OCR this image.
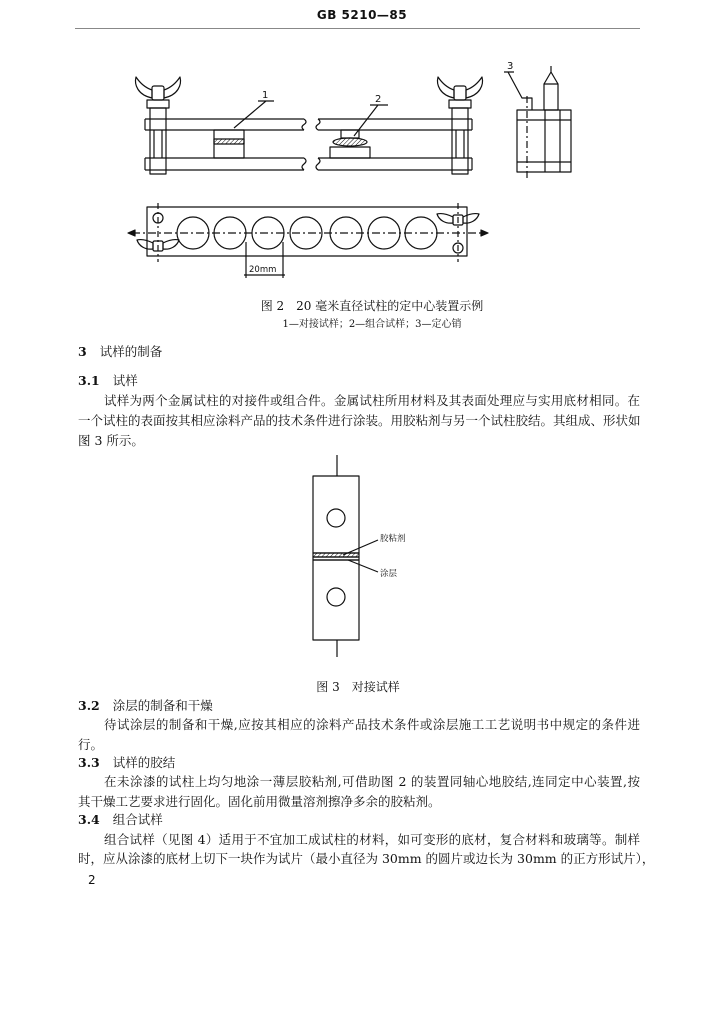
GB 5210—85
1	2
3
20mm
图 2　20 毫米直径试柱的定中心装置示例
1—对接试样；2—组合试样；3—定心销
3 试样的制备
3.1 试样
试样为两个金属试柱的对接件或组合件。金属试柱所用材料及其表面处理应与实用底材相同。在
一个试柱的表面按其相应涂料产品的技术条件进行涂装。用胶粘剂与另一个试柱胶结。其组成、形状如
图 3 所示。
胶粘剂
涂层
图 3　对接试样
3.2 涂层的制备和干燥
待试涂层的制备和干燥,应按其相应的涂料产品技术条件或涂层施工工艺说明书中规定的条件进
行。
3.3 试样的胶结
在未涂漆的试柱上均匀地涂一薄层胶粘剂,可借助图 2 的装置同轴心地胶结,连同定中心装置,按
其干燥工艺要求进行固化。固化前用微量溶剂擦净多余的胶粘剂。
3.4 组合试样
组合试样（见图 4）适用于不宜加工成试柱的材料，如可变形的底材，复合材料和玻璃等。制样
时，应从涂漆的底材上切下一块作为试片（最小直径为 30mm 的圆片或边长为 30mm 的正方形试片），
2
